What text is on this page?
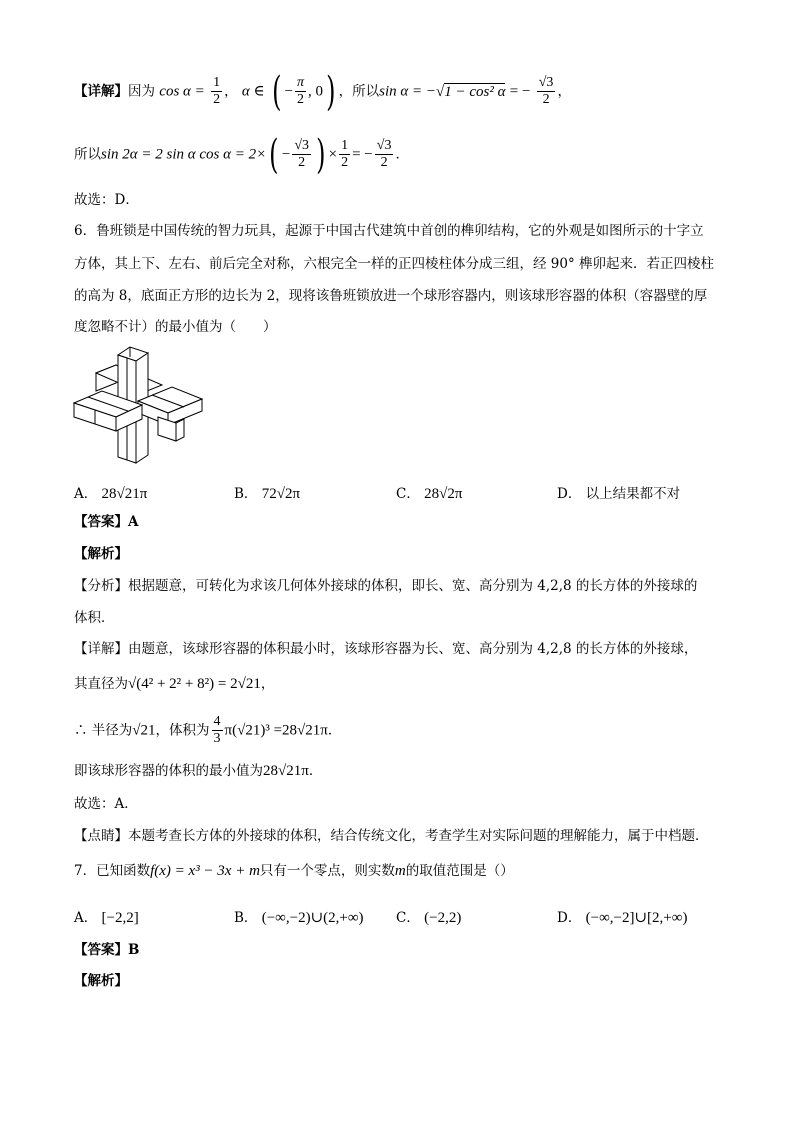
【详解】因为 $\cos \alpha = \frac{1}{2}$ ， α ∈ ( − $\frac{\pi}{2}$ , 0) ，所以sin α = −√1 − cos² α = − $\frac{√3}{2}$ ，
所以sin 2α = 2 sin α $\cos \alpha = 2\times( - \frac{√3}{2}$ ) × $\frac{1}{2}$ = − $\frac{√3}{2}$ ．
故选：D．
6．鲁班锁是中国传统的智力玩具，起源于中国古代建筑中首创的榫卯结构，它的外观是如图所示的十字立
方体，其上下、左右、前后完全对称，六根完全一样的正四棱柱体分成三组，经 90° 榫卯起来．若正四棱柱
的高为 8，底面正方形的边长为 2，现将该鲁班锁放进一个球形容器内，则该球形容器的体积（容器壁的厚
度忽略不计）的最小值为（　　）
A． 28√21π	B． 72√2π	C． 28√2π	D． 以上结果都不对
【答案】A
【解析】
【分析】根据题意，可转化为求该几何体外接球的体积，即长、宽、高分别为 4,2,8 的长方体的外接球的
体积．
【详解】由题意，该球形容器的体积最小时，该球形容器为长、宽、高分别为 4,2,8 的长方体的外接球，
其直径为√(4² + 2² + 8²) = 2√21，
∴ 半径为√21，体积为 $\frac{4}{3} \pi(√21)^3 =28√21\pi$．
即该球形容器的体积的最小值为28√21π．
故选：A．
【点睛】本题考查长方体的外接球的体积，结合传统文化，考查学生对实际问题的理解能力，属于中档题．
7．已知函数f(x) = x³ − 3x + m只有一个零点，则实数m的取值范围是（）
A． [−2,2]	B． (−∞,−2)∪(2,+∞) C． (−2,2)	D． (−∞,−2]∪[2,+∞)
【答案】B
【解析】
